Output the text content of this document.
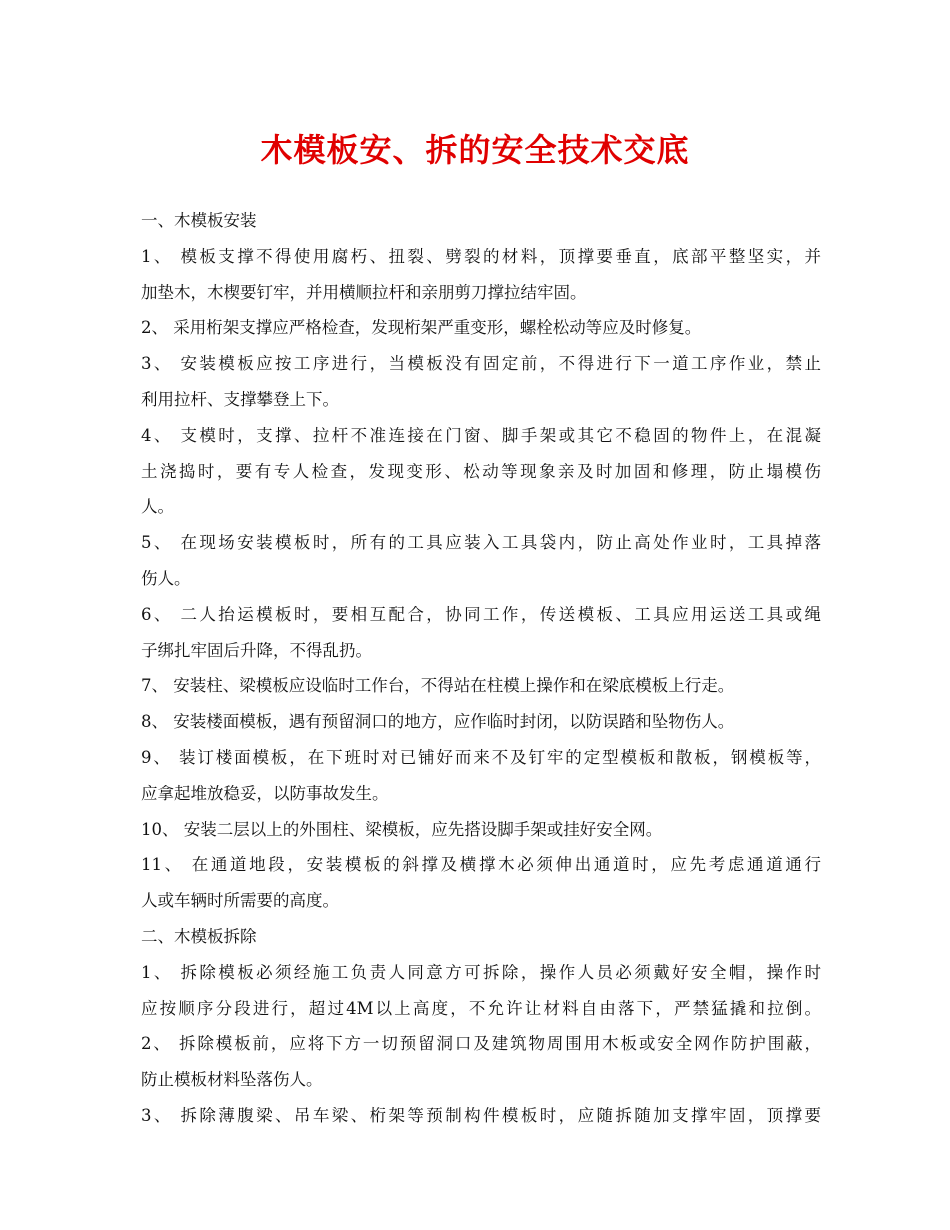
木模板安、拆的安全技术交底
一、木模板安装
1、 模板支撑不得使用腐朽、扭裂、劈裂的材料，顶撑要垂直，底部平整坚实，并
加垫木，木楔要钉牢，并用横顺拉杆和亲朋剪刀撑拉结牢固。
2、 采用桁架支撑应严格检查，发现桁架严重变形，螺栓松动等应及时修复。
3、 安装模板应按工序进行，当模板没有固定前，不得进行下一道工序作业，禁止
利用拉杆、支撑攀登上下。
4、 支模时，支撑、拉杆不准连接在门窗、脚手架或其它不稳固的物件上，在混凝
土浇捣时，要有专人检查，发现变形、松动等现象亲及时加固和修理，防止塌模伤
人。
5、 在现场安装模板时，所有的工具应装入工具袋内，防止高处作业时，工具掉落
伤人。
6、 二人抬运模板时，要相互配合，协同工作，传送模板、工具应用运送工具或绳
子绑扎牢固后升降，不得乱扔。
7、 安装柱、梁模板应设临时工作台，不得站在柱模上操作和在梁底模板上行走。
8、 安装楼面模板，遇有预留洞口的地方，应作临时封闭，以防误踏和坠物伤人。
9、 装订楼面模板，在下班时对已铺好而来不及钉牢的定型模板和散板，钢模板等，
应拿起堆放稳妥，以防事故发生。
10、 安装二层以上的外围柱、梁模板，应先搭设脚手架或挂好安全网。
11、 在通道地段，安装模板的斜撑及横撑木必须伸出通道时，应先考虑通道通行
人或车辆时所需要的高度。
二、木模板拆除
1、 拆除模板必须经施工负责人同意方可拆除，操作人员必须戴好安全帽，操作时
应按顺序分段进行，超过4M以上高度，不允许让材料自由落下，严禁猛撬和拉倒。
2、 拆除模板前，应将下方一切预留洞口及建筑物周围用木板或安全网作防护围蔽，
防止模板材料坠落伤人。
3、 拆除薄腹梁、吊车梁、桁架等预制构件模板时，应随拆随加支撑牢固，顶撑要
